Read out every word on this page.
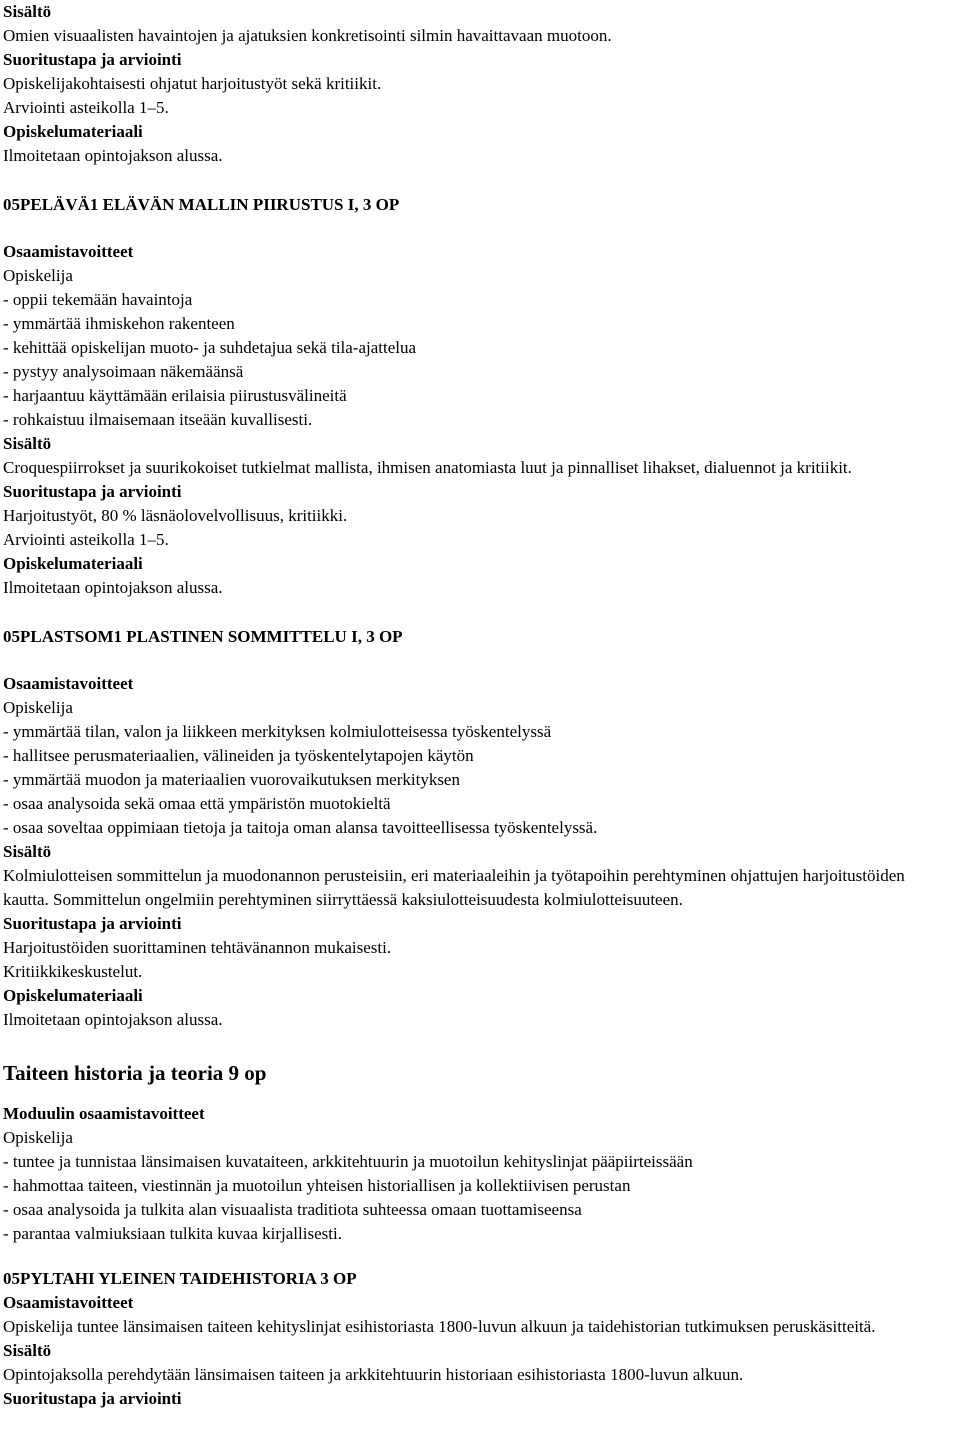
Sisältö

Omien visuaalisten havaintojen ja ajatuksien konkretisointi silmin havaittavaan muotoon.

Suoritustapa ja arviointi

Opiskelijakohtaisesti ohjatut harjoitustyöt sekä kritiikit.

Arviointi asteikolla 1–5.

Opiskelumateriaali

Ilmoitetaan opintojakson alussa.

05PELÄVÄ1 ELÄVÄN MALLIN PIIRUSTUS I, 3 OP

Osaamistavoitteet

Opiskelija

- oppii tekemään havaintoja

- ymmärtää ihmiskehon rakenteen

- kehittää opiskelijan muoto- ja suhdetajua sekä tila-ajattelua

- pystyy analysoimaan näkemäänsä

- harjaantuu käyttämään erilaisia piirustusvälineitä

- rohkaistuu ilmaisemaan itseään kuvallisesti.

Sisältö

Croquespiirrokset ja suurikokoiset tutkielmat mallista, ihmisen anatomiasta luut ja pinnalliset lihakset, dialuennot ja kritiikit.

Suoritustapa ja arviointi

Harjoitustyöt, 80 % läsnäolovelvollisuus, kritiikki.

Arviointi asteikolla 1–5.

Opiskelumateriaali

Ilmoitetaan opintojakson alussa.

05PLASTSOM1 PLASTINEN SOMMITTELU I, 3 OP

Osaamistavoitteet

Opiskelija

- ymmärtää tilan, valon ja liikkeen merkityksen kolmiulotteisessa työskentelyssä

- hallitsee perusmateriaalien, välineiden ja työskentelytapojen käytön

- ymmärtää muodon ja materiaalien vuorovaikutuksen merkityksen

- osaa analysoida sekä omaa että ympäristön muotokieltä

- osaa soveltaa oppimiaan tietoja ja taitoja oman alansa tavoitteellisessa työskentelyssä.

Sisältö

Kolmiulotteisen sommittelun ja muodonannon perusteisiin, eri materiaaleihin ja työtapoihin perehtyminen ohjattujen harjoitustöiden kautta. Sommittelun ongelmiin perehtyminen siirryttäessä kaksiulotteisuudesta kolmiulotteisuuteen.

Suoritustapa ja arviointi

Harjoitustöiden suorittaminen tehtävänannon mukaisesti.

Kritiikkikeskustelut.

Opiskelumateriaali

Ilmoitetaan opintojakson alussa.

Taiteen historia ja teoria 9 op

Moduulin osaamistavoitteet

Opiskelija

- tuntee ja tunnistaa länsimaisen kuvataiteen, arkkitehtuurin ja muotoilun kehityslinjat pääpiirteissään

- hahmottaa taiteen, viestinnän ja muotoilun yhteisen historiallisen ja kollektiivisen perustan

- osaa analysoida ja tulkita alan visuaalista traditiota suhteessa omaan tuottamiseensa

- parantaa valmiuksiaan tulkita kuvaa kirjallisesti.

05PYLTAHI YLEINEN TAIDEHISTORIA 3 OP

Osaamistavoitteet

Opiskelija tuntee länsimaisen taiteen kehityslinjat esihistoriasta 1800-luvun alkuun ja taidehistorian tutkimuksen peruskäsitteitä.

Sisältö

Opintojaksolla perehdytään länsimaisen taiteen ja arkkitehtuurin historiaan esihistoriasta 1800-luvun alkuun.

Suoritustapa ja arviointi
